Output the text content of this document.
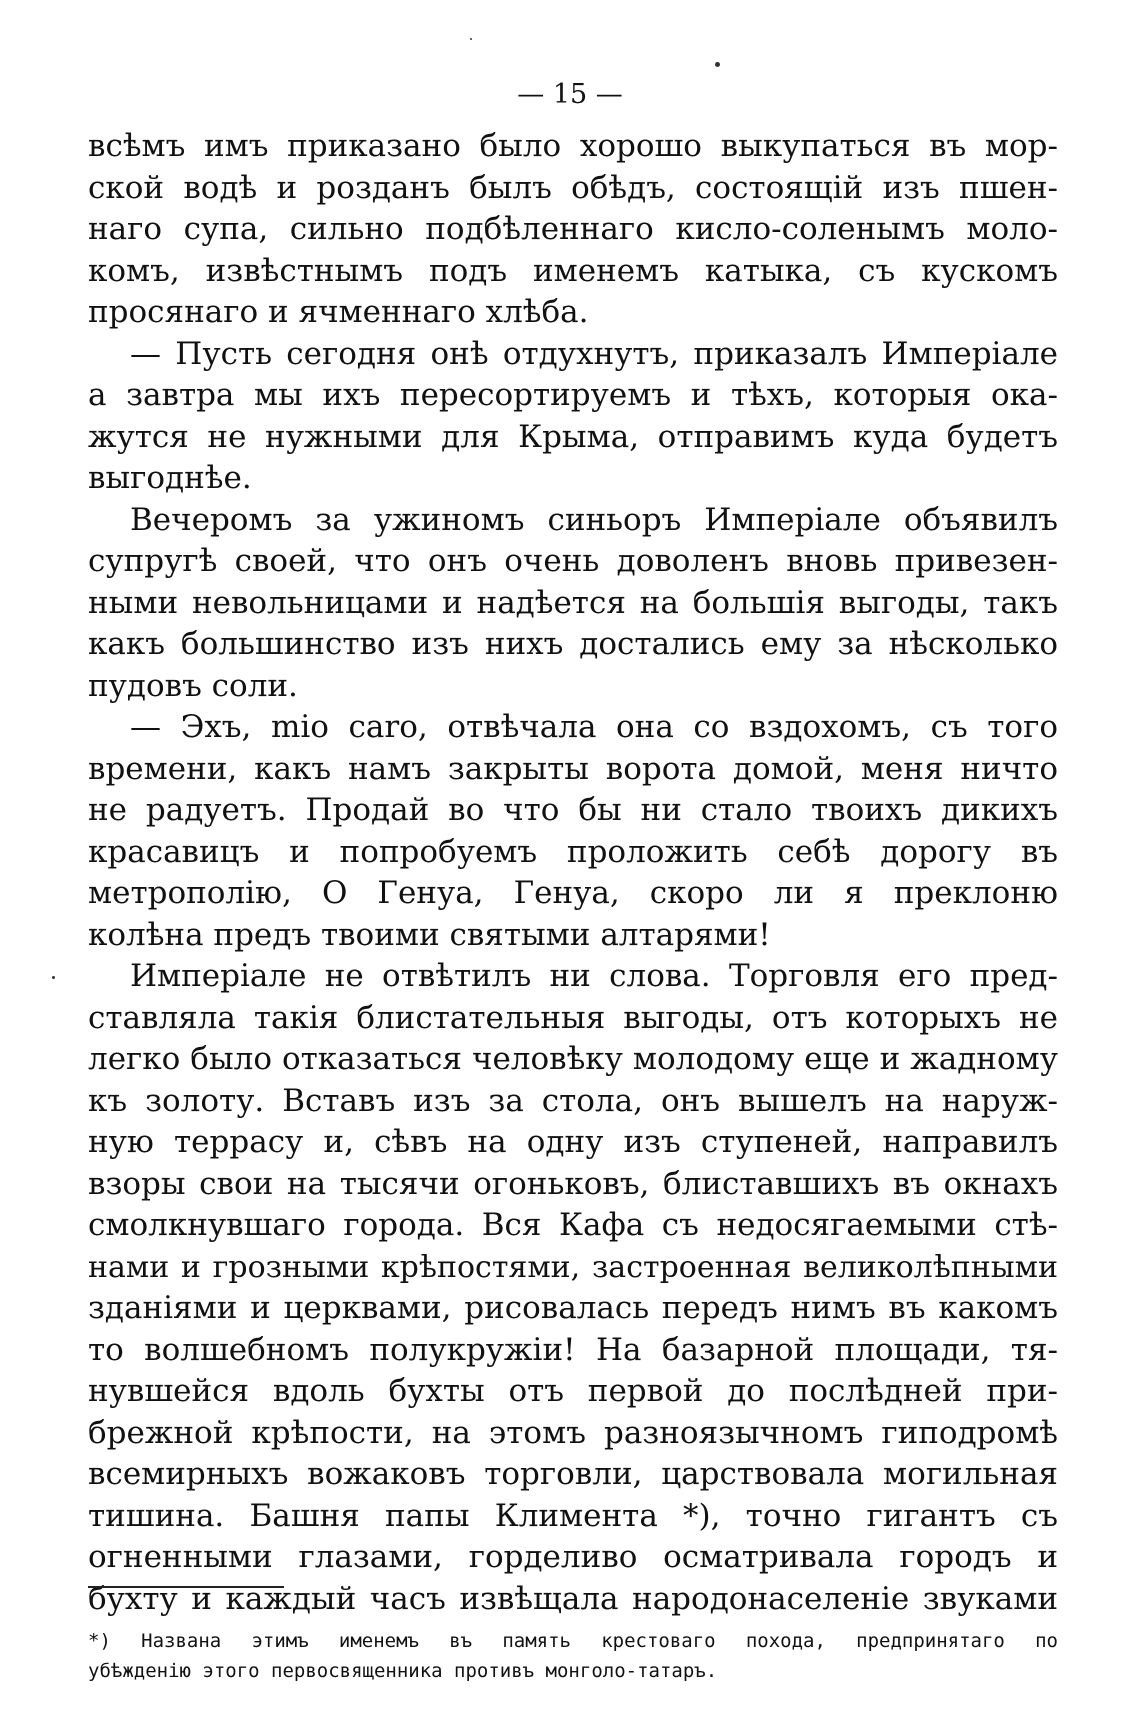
— 15 —
всѣмъ имъ приказано было хорошо выкупаться въ мор-
ской водѣ и розданъ былъ обѣдъ, состоящій изъ пшен-
наго супа, сильно подбѣленнаго кисло-соленымъ моло-
комъ, извѣстнымъ подъ именемъ катыка, съ кускомъ
просянаго и ячменнаго хлѣба.
— Пусть сегодня онѣ отдухнутъ, приказалъ Имперіале
а завтра мы ихъ пересортируемъ и тѣхъ, которыя ока-
жутся не нужными для Крыма, отправимъ куда будетъ
выгоднѣе.
Вечеромъ за ужиномъ синьоръ Имперіале объявилъ
супругѣ своей, что онъ очень доволенъ вновь привезен-
ными невольницами и надѣется на большія выгоды, такъ
какъ большинство изъ нихъ достались ему за нѣсколько
пудовъ соли.
— Эхъ, mio caro, отвѣчала она со вздохомъ, съ того
времени, какъ намъ закрыты ворота домой, меня ничто
не радуетъ. Продай во что бы ни стало твоихъ дикихъ
красавицъ и попробуемъ проложить себѣ дорогу въ
метрополію, О Генуа, Генуа, скоро ли я преклоню
колѣна предъ твоими святыми алтарями!
Имперіале не отвѣтилъ ни слова. Торговля его пред-
ставляла такія блистательныя выгоды, отъ которыхъ не
легко было отказаться человѣку молодому еще и жадному
къ золоту. Вставъ изъ за стола, онъ вышелъ на наруж-
ную террасу и, сѣвъ на одну изъ ступеней, направилъ
взоры свои на тысячи огоньковъ, блиставшихъ въ окнахъ
смолкнувшаго города. Вся Кафа съ недосягаемыми стѣ-
нами и грозными крѣпостями, застроенная великолѣпными
зданіями и церквами, рисовалась передъ нимъ въ какомъ
то волшебномъ полукружіи! На базарной площади, тя-
нувшейся вдоль бухты отъ первой до послѣдней при-
брежной крѣпости, на этомъ разноязычномъ гиподромѣ
всемирныхъ вожаковъ торговли, царствовала могильная
тишина. Башня папы Климента *), точно гигантъ съ
огненными глазами, горделиво осматривала городъ и
бухту и каждый часъ извѣщала народонаселеніе звуками
*) Названа этимъ именемъ въ память крестоваго похода, предпринятаго по
убѣжденію этого первосвященника противъ монголо-татаръ.
